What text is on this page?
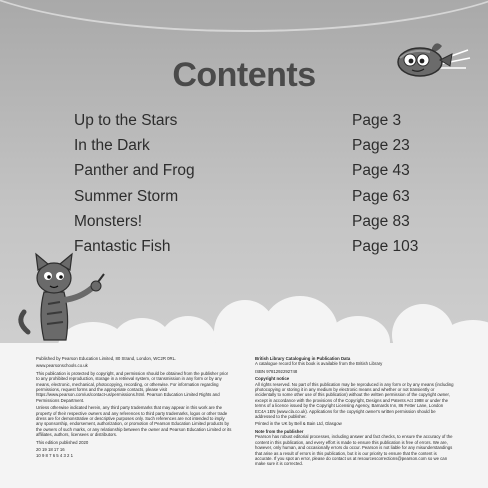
Contents
Up to the Stars	Page 3
In the Dark	Page 23
Panther and Frog	Page 43
Summer Storm	Page 63
Monsters!	Page 83
Fantastic Fish	Page 103

Published by Pearson Education Limited, 80 Strand, London, WC2R 0RL.

www.pearsonschools.co.uk

This publication is protected by copyright, and permission should be obtained from the publisher prior to any prohibited reproduction, storage in a retrieval system, or transmission in any form or by any means, electronic, mechanical, photocopying, recording, or otherwise. For information regarding permissions, request forms and the appropriate contacts, please visit https://www.pearson.com/us/contact-us/permissions.html. Pearson Education Limited Rights and Permissions Department.

Unless otherwise indicated herein, any third party trademarks that may appear in this work are the property of their respective owners and any references to third party trademarks, logos or other trade dress are for demonstrative or descriptive purposes only. Such references are not intended to imply any sponsorship, endorsement, authorization, or promotion of Pearson Education Limited products by the owners of such marks, or any relationship between the owner and Pearson Education Limited or its affiliates, authors, licensees or distributors.

This edition published 2020

20 19 18 17 16

10 9 8 7 6 5 4 3 2 1

British Library Cataloguing in Publication Data

A catalogue record for this book is available from the British Library

ISBN 9781292292748

Copyright notice

All rights reserved. No part of this publication may be reproduced in any form or by any means (including photocopying or storing it in any medium by electronic means and whether or not transiently or incidentally to some other use of this publication) without the written permission of the copyright owner, except in accordance with the provisions of the Copyright, Designs and Patents Act 1988 or under the terms of a licence issued by the Copyright Licensing Agency, Barnards Inn, 86 Fetter Lane, London EC4A 1EN (www.cla.co.uk). Applications for the copyright owner's written permission should be addressed to the publisher.

Printed in the UK by Bell & Bain Ltd, Glasgow

Note from the publisher

Pearson has robust editorial processes, including answer and fact checks, to ensure the accuracy of the content in this publication, and every effort is made to ensure this publication is free of errors. We are, however, only human, and occasionally errors do occur. Pearson is not liable for any misunderstandings that arise as a result of errors in this publication, but it is our priority to ensure that the content is accurate. If you spot an error, please do contact us at resourcescorrections@pearson.com so we can make sure it is corrected.
